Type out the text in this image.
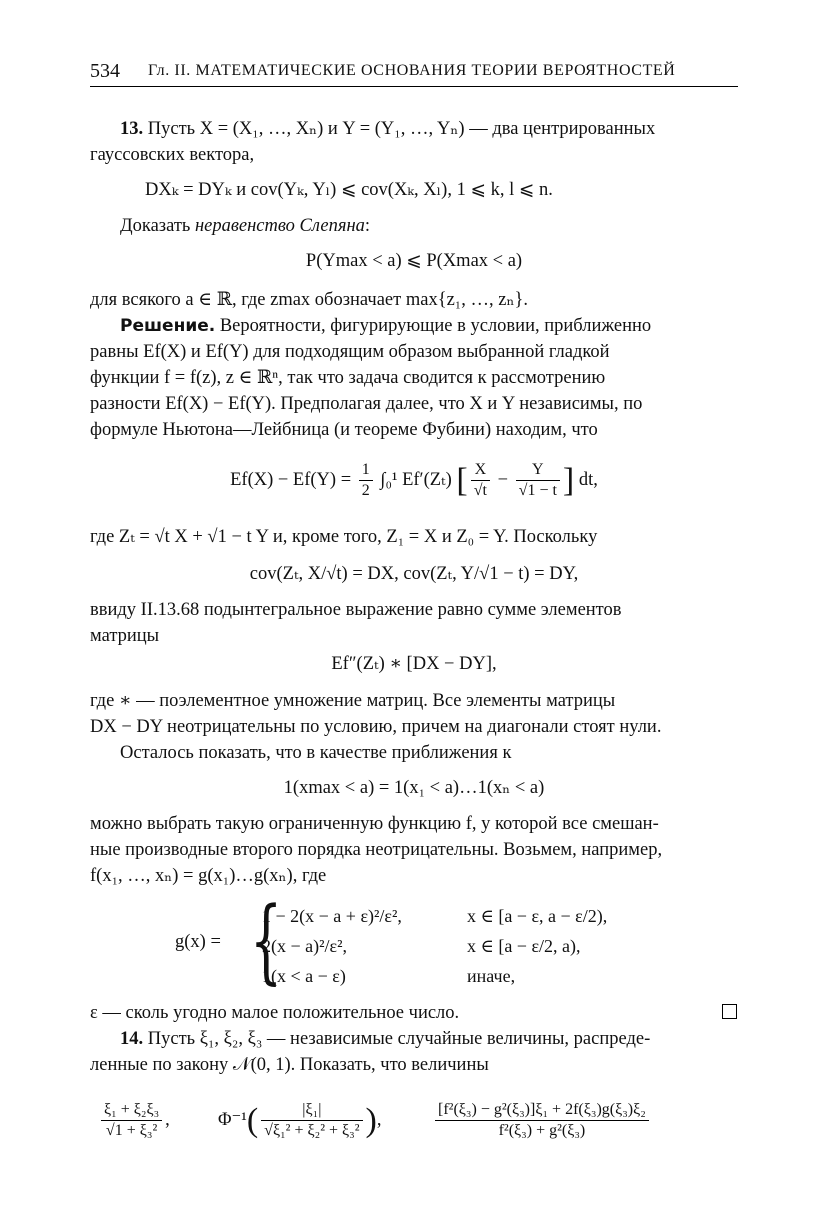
534 Гл. II. МАТЕМАТИЧЕСКИЕ ОСНОВАНИЯ ТЕОРИИ ВЕРОЯТНОСТЕЙ
13. Пусть X = (X₁, …, Xₙ) и Y = (Y₁, …, Yₙ) — два центрированных
гауссовских вектора,
DXₖ = DYₖ и cov(Yₖ, Yₗ) ⩽ cov(Xₖ, Xₗ), 1 ⩽ k, l ⩽ n.
Доказать неравенство Слепяна:
P(Ymax < a) ⩽ P(Xmax < a)
для всякого a ∈ ℝ, где zmax обозначает max{z₁, …, zₙ}.
Решение. Вероятности, фигурирующие в условии, приближенно
равны Ef(X) и Ef(Y) для подходящим образом выбранной гладкой
функции f = f(z), z ∈ ℝⁿ, так что задача сводится к рассмотрению
разности Ef(X) − Ef(Y). Предполагая далее, что X и Y независимы, по
формуле Ньютона—Лейбница (и теореме Фубини) находим, что
$Ef(X) - Ef(Y) = \frac{1}{2} \int_0^1$ Ef′(Zₜ) [ $\frac{X}{√t} - \frac{Y}{√1 - t}$ ] dt,
где Zₜ = √t X + √1 − t Y и, кроме того, Z₁ = X и Z₀ = Y. Поскольку
cov(Zₜ, X/√t) = DX, cov(Zₜ, Y/√1 − t) = DY,
ввиду II.13.68 подынтегральное выражение равно сумме элементов
матрицы
Ef″(Zₜ) ∗ [DX − DY],
где ∗ — поэлементное умножение матриц. Все элементы матрицы
DX − DY неотрицательны по условию, причем на диагонали стоят нули.
Осталось показать, что в качестве приближения к
1(xmax < a) = 1(x₁ < a)…1(xₙ < a)
можно выбрать такую ограниченную функцию f, у которой все смешан-
ные производные второго порядка неотрицательны. Возьмем, например,
f(x₁, …, xₙ) = g(x₁)…g(xₙ), где
g(x) = {
1 − 2(x − a + ε)²/ε²,	x ∈ [a − ε, a − ε/2),
2(x − a)²/ε²,	x ∈ [a − ε/2, a),
1(x < a − ε)	иначе,
ε — сколь угодно малое положительное число.
14. Пусть ξ₁, ξ₂, ξ₃ — независимые случайные величины, распреде-
ленные по закону 𝒩(0, 1). Показать, что величины
$\frac{\text{ξ₁ + ξ₂ξ₃}}{\text{√1 + ξ₃²}}$ ,	$\Phi^{-1}( \frac{\text{|ξ₁|}}{\text{√ξ₁² + ξ₂² + ξ₃²}}$ ),	$\frac{\text{[f²(ξ₃) − g²(ξ₃)]ξ₁ + 2f(ξ₃)g(ξ₃)ξ₂}}{\text{f²(ξ₃) + g²(ξ₃)}}$
